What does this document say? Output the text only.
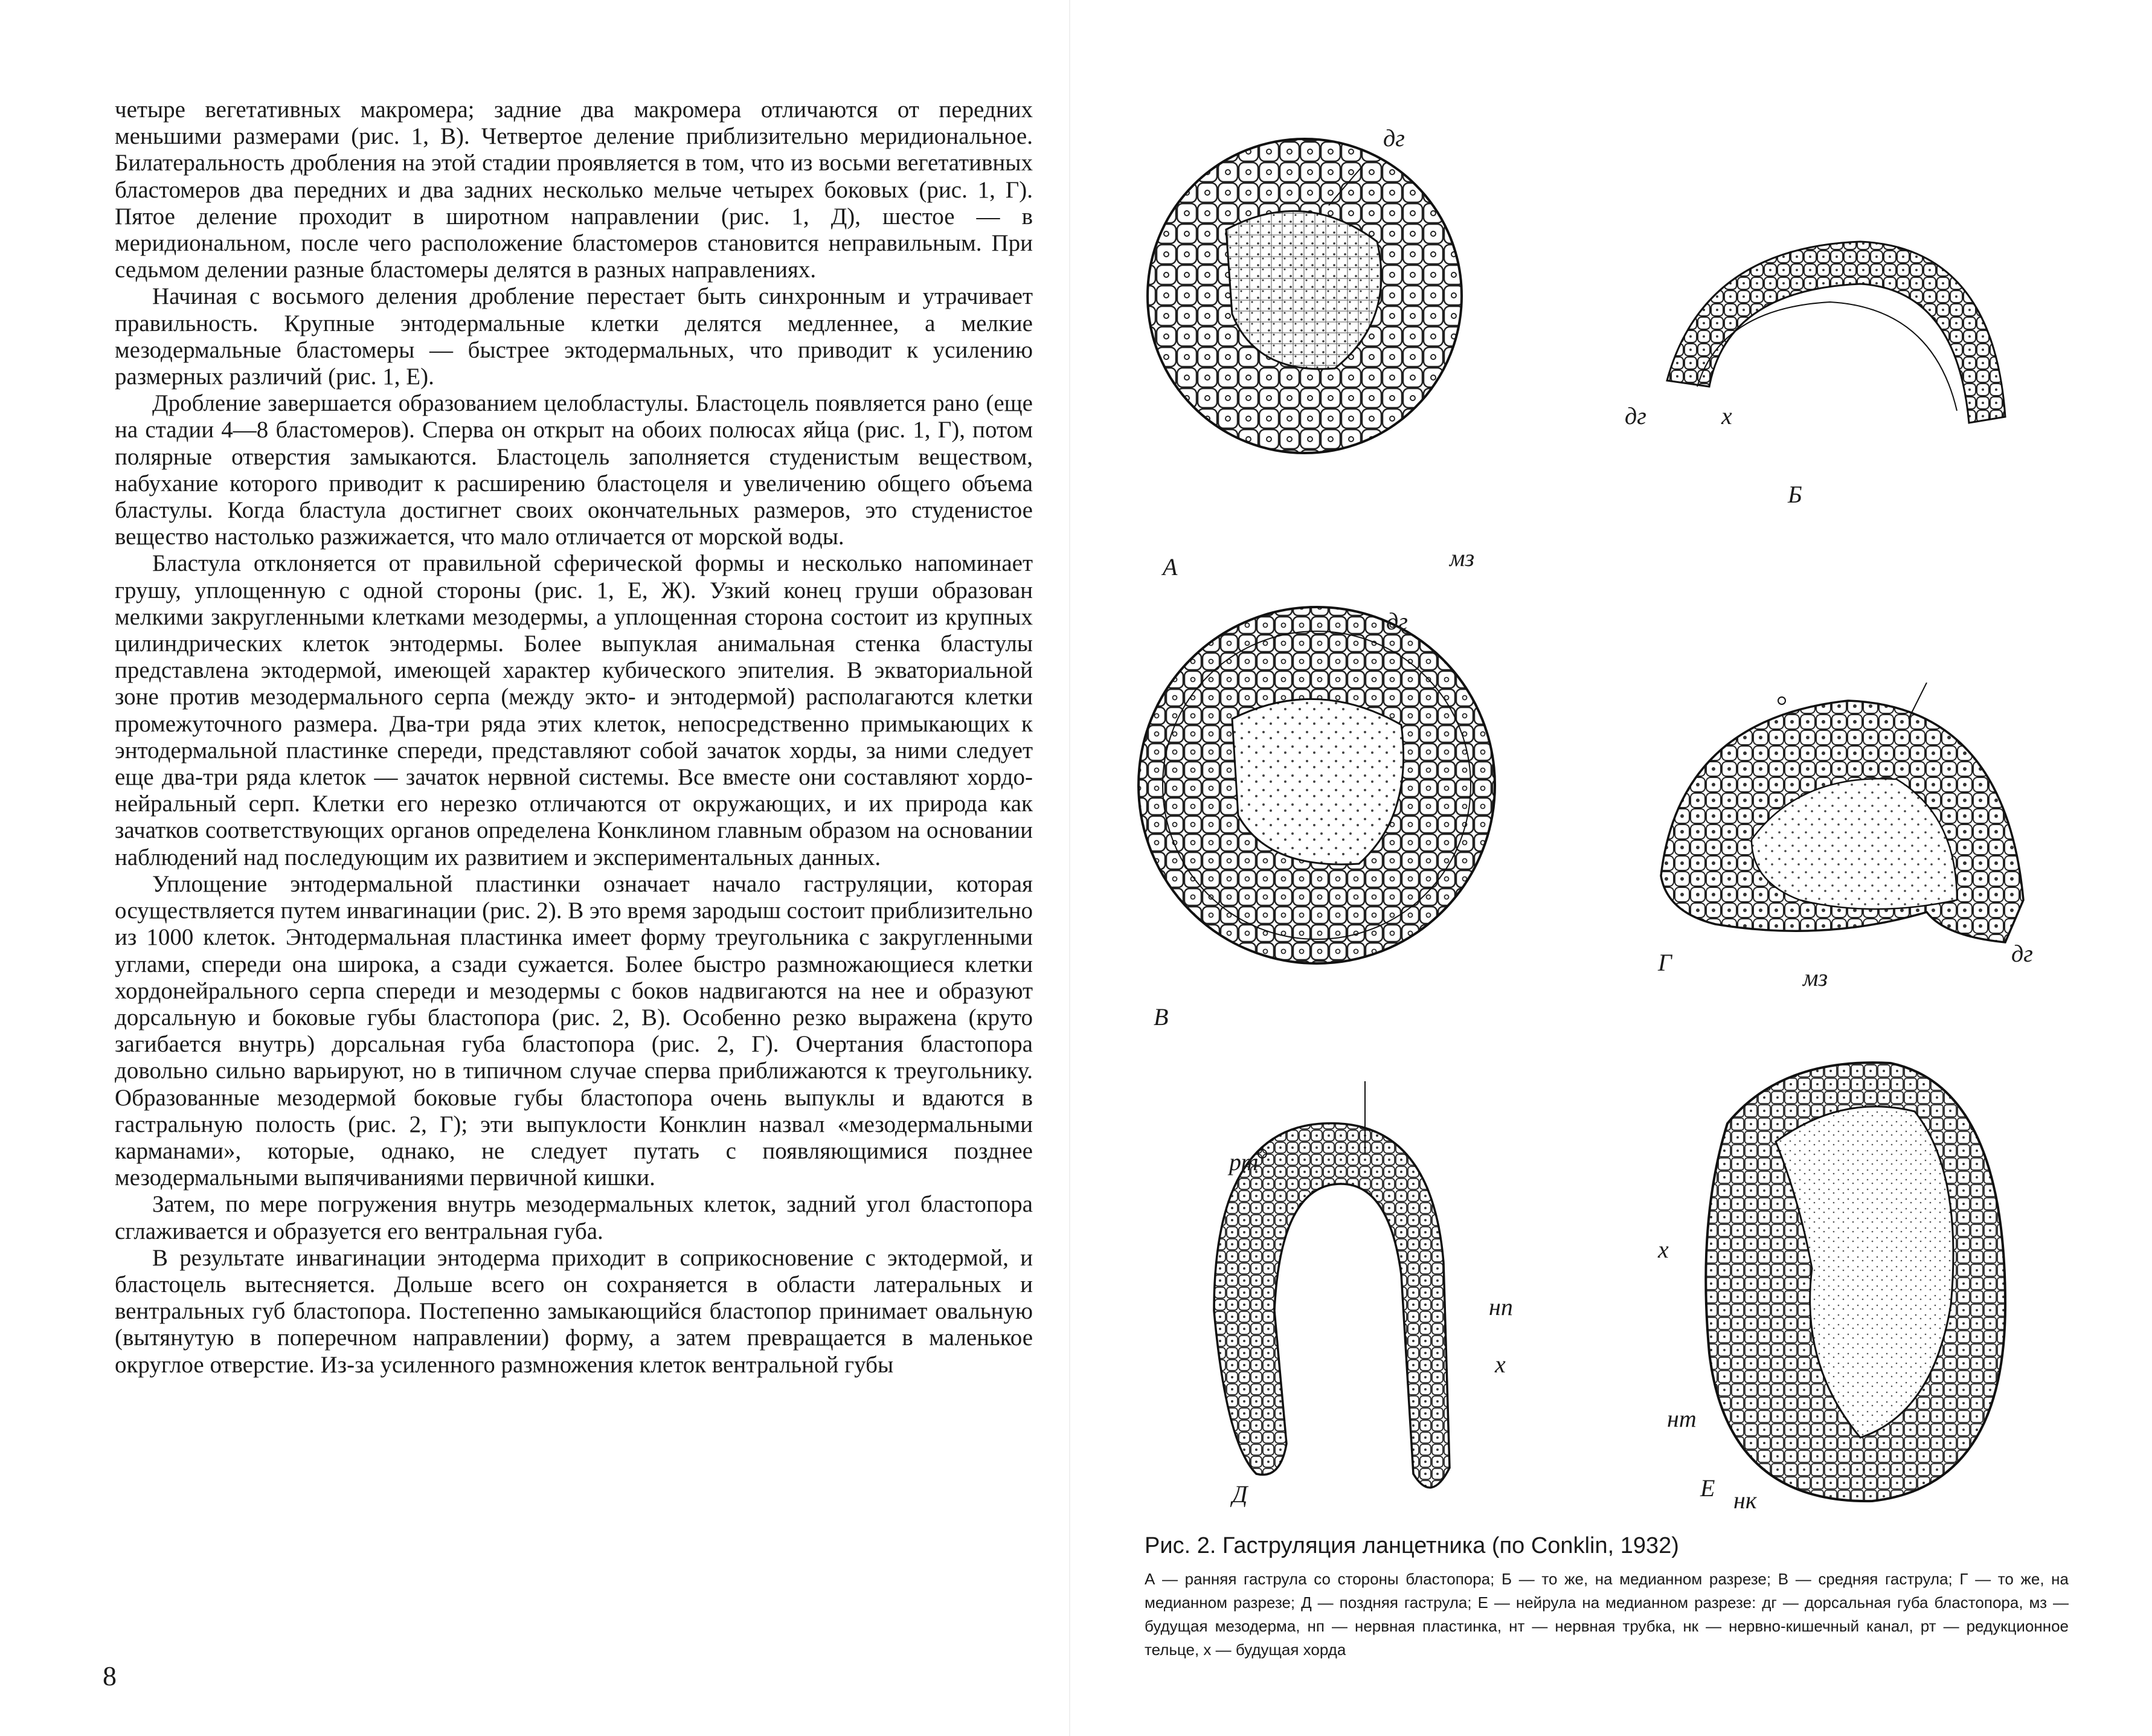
четыре вегетативных макромера; задние два макромера отличаются от передних меньшими размерами (рис. 1, В). Четвертое деление приблизительно меридиональное. Билатеральность дробления на этой стадии проявляется в том, что из восьми вегетативных бластомеров два передних и два задних несколько мельче четырех боковых (рис. 1, Г). Пятое деление проходит в широтном направлении (рис. 1, Д), шестое — в меридиональном, после чего расположение бластомеров становится неправильным. При седьмом делении разные бластомеры делятся в разных направлениях.

Начиная с восьмого деления дробление перестает быть синхронным и утрачивает правильность. Крупные энтодермальные клетки делятся медленнее, а мелкие мезодермальные бластомеры — быстрее эктодермальных, что приводит к усилению размерных различий (рис. 1, Е).

Дробление завершается образованием целобластулы. Бластоцель появляется рано (еще на стадии 4—8 бластомеров). Сперва он открыт на обоих полюсах яйца (рис. 1, Г), потом полярные отверстия замыкаются. Бластоцель заполняется студенистым веществом, набухание которого приводит к расширению бластоцеля и увеличению общего объема бластулы. Когда бластула достигнет своих окончательных размеров, это студенистое вещество настолько разжижается, что мало отличается от морской воды.

Бластула отклоняется от правильной сферической формы и несколько напоминает грушу, уплощенную с одной стороны (рис. 1, Е, Ж). Узкий конец груши образован мелкими закругленными клетками мезодермы, а уплощенная сторона состоит из крупных цилиндрических клеток энтодермы. Более выпуклая анимальная стенка бластулы представлена эктодермой, имеющей характер кубического эпителия. В экваториальной зоне против мезодермального серпа (между экто- и энтодермой) располагаются клетки промежуточного размера. Два-три ряда этих клеток, непосредственно примыкающих к энтодермальной пластинке спереди, представляют собой зачаток хорды, за ними следует еще два-три ряда клеток — зачаток нервной системы. Все вместе они составляют хордо-нейральный серп. Клетки его нерезко отличаются от окружающих, и их природа как зачатков соответствующих органов определена Конклином главным образом на основании наблюдений над последующим их развитием и экспериментальных данных.

Уплощение энтодермальной пластинки означает начало гаструляции, которая осуществляется путем инвагинации (рис. 2). В это время зародыш состоит приблизительно из 1000 клеток. Энтодермальная пластинка имеет форму треугольника с закругленными углами, спереди она широка, а сзади сужается. Более быстро размножающиеся клетки хордонейрального серпа спереди и мезодермы с боков надвигаются на нее и образуют дорсальную и боковые губы бластопора (рис. 2, В). Особенно резко выражена (круто загибается внутрь) дорсальная губа бластопора (рис. 2, Г). Очертания бластопора довольно сильно варьируют, но в типичном случае сперва приближаются к треугольнику. Образованные мезодермой боковые губы бластопора очень выпуклы и вдаются в гастральную полость (рис. 2, Г); эти выпуклости Конклин назвал «мезодермальными карманами», которые, однако, не следует путать с появляющимися позднее мезодермальными выпячиваниями первичной кишки.

Затем, по мере погружения внутрь мезодермальных клеток, задний угол бластопора сглаживается и образуется его вентральная губа.

В результате инвагинации энтодерма приходит в соприкосновение с эктодермой, и бластоцель вытесняется. Дольше всего он сохраняется в области латеральных и вентральных губ бластопора. Постепенно замыкающийся бластопор принимает овальную (вытянутую в поперечном направлении) форму, а затем превращается в маленькое округлое отверстие. Из-за усиленного размножения клеток вентральной губы

8
дг
мз
А
дг	х
Б
дг
В
Г
мз
дг
рт
нп
х
Д
х
нт
Е нк

Рис. 2. Гаструляция ланцетника (по Conklin, 1932)

А — ранняя гаструла со стороны бластопора; Б — то же, на медианном разрезе; В — средняя гаструла; Г — то же, на медианном разрезе; Д — поздняя гаструла; Е — нейрула на медианном разрезе: дг — дорсальная губа бластопора, мз — будущая мезодерма, нп — нервная пластинка, нт — нервная трубка, нк — нервно-кишечный канал, рт — редукционное тельце, х — будущая хорда
